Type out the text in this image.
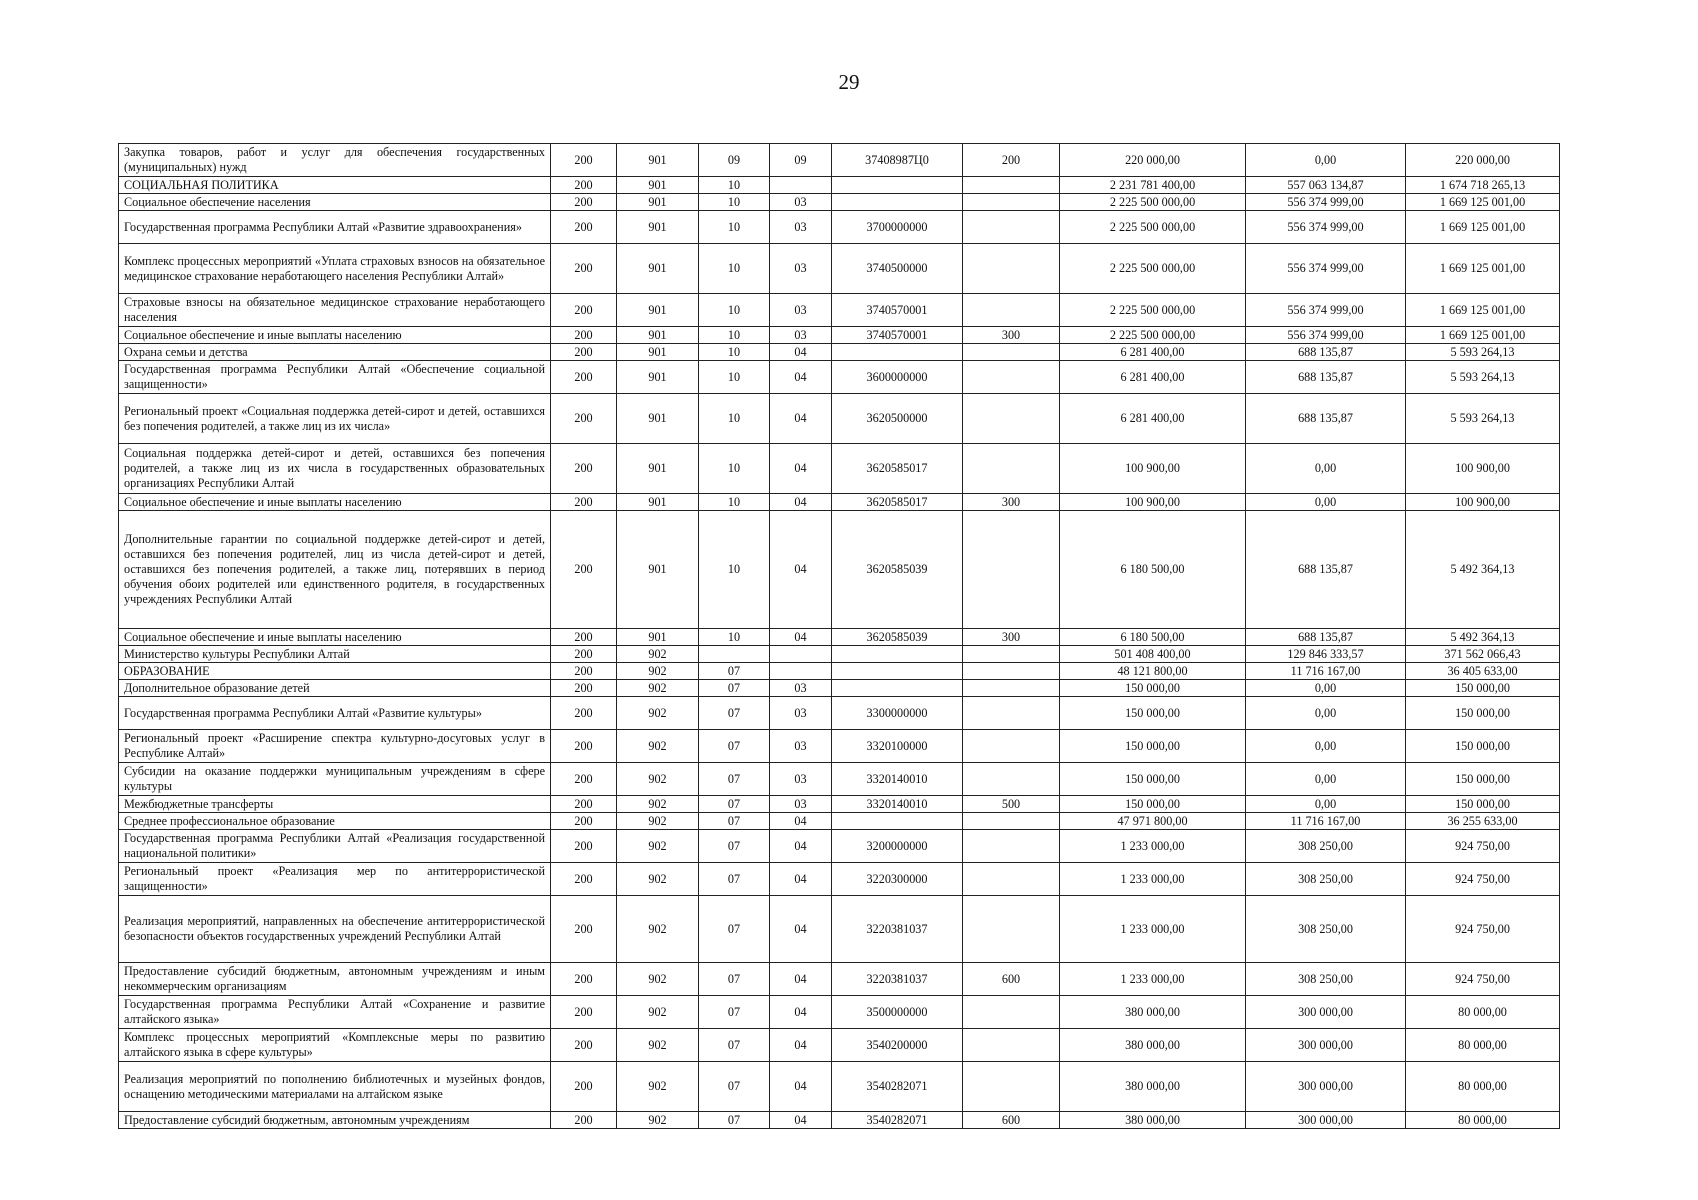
29
Закупка товаров, работ и услуг для обеспечения государственных (муниципальных) нужд	200	901	09	09	37408987Ц0	200	220 000,00	0,00	220 000,00
СОЦИАЛЬНАЯ ПОЛИТИКА	200	901	10				2 231 781 400,00	557 063 134,87	1 674 718 265,13
Социальное обеспечение населения	200	901	10	03			2 225 500 000,00	556 374 999,00	1 669 125 001,00
Государственная программа Республики Алтай «Развитие здравоохранения»	200	901	10	03	3700000000		2 225 500 000,00	556 374 999,00	1 669 125 001,00
Комплекс процессных мероприятий «Уплата страховых взносов на обязательное медицинское страхование неработающего населения Республики Алтай»	200	901	10	03	3740500000		2 225 500 000,00	556 374 999,00	1 669 125 001,00
Страховые взносы на обязательное медицинское страхование неработающего населения	200	901	10	03	3740570001		2 225 500 000,00	556 374 999,00	1 669 125 001,00
Социальное обеспечение и иные выплаты населению	200	901	10	03	3740570001	300	2 225 500 000,00	556 374 999,00	1 669 125 001,00
Охрана семьи и детства	200	901	10	04			6 281 400,00	688 135,87	5 593 264,13
Государственная программа Республики Алтай «Обеспечение социальной защищенности»	200	901	10	04	3600000000		6 281 400,00	688 135,87	5 593 264,13
Региональный проект «Социальная поддержка детей-сирот и детей, оставшихся без попечения родителей, а также лиц из их числа»	200	901	10	04	3620500000		6 281 400,00	688 135,87	5 593 264,13
Социальная поддержка детей-сирот и детей, оставшихся без попечения родителей, а также лиц из их числа в государственных образовательных организациях Республики Алтай	200	901	10	04	3620585017		100 900,00	0,00	100 900,00
Социальное обеспечение и иные выплаты населению	200	901	10	04	3620585017	300	100 900,00	0,00	100 900,00
Дополнительные гарантии по социальной поддержке детей-сирот и детей, оставшихся без попечения родителей, лиц из числа детей-сирот и детей, оставшихся без попечения родителей, а также лиц, потерявших в период обучения обоих родителей или единственного родителя, в государственных учреждениях Республики Алтай	200	901	10	04	3620585039		6 180 500,00	688 135,87	5 492 364,13
Социальное обеспечение и иные выплаты населению	200	901	10	04	3620585039	300	6 180 500,00	688 135,87	5 492 364,13
Министерство культуры Республики Алтай	200	902					501 408 400,00	129 846 333,57	371 562 066,43
ОБРАЗОВАНИЕ	200	902	07				48 121 800,00	11 716 167,00	36 405 633,00
Дополнительное образование детей	200	902	07	03			150 000,00	0,00	150 000,00
Государственная программа Республики Алтай «Развитие культуры»	200	902	07	03	3300000000		150 000,00	0,00	150 000,00
Региональный проект «Расширение спектра культурно-досуговых услуг в Республике Алтай»	200	902	07	03	3320100000		150 000,00	0,00	150 000,00
Субсидии на оказание поддержки муниципальным учреждениям в сфере культуры	200	902	07	03	3320140010		150 000,00	0,00	150 000,00
Межбюджетные трансферты	200	902	07	03	3320140010	500	150 000,00	0,00	150 000,00
Среднее профессиональное образование	200	902	07	04			47 971 800,00	11 716 167,00	36 255 633,00
Государственная программа Республики Алтай «Реализация государственной национальной политики»	200	902	07	04	3200000000		1 233 000,00	308 250,00	924 750,00
Региональный проект «Реализация мер по антитеррористической защищенности»	200	902	07	04	3220300000		1 233 000,00	308 250,00	924 750,00
Реализация мероприятий, направленных на обеспечение антитеррористической безопасности объектов государственных учреждений Республики Алтай	200	902	07	04	3220381037		1 233 000,00	308 250,00	924 750,00
Предоставление субсидий бюджетным, автономным учреждениям и иным некоммерческим организациям	200	902	07	04	3220381037	600	1 233 000,00	308 250,00	924 750,00
Государственная программа Республики Алтай «Сохранение и развитие алтайского языка»	200	902	07	04	3500000000		380 000,00	300 000,00	80 000,00
Комплекс процессных мероприятий «Комплексные меры по развитию алтайского языка в сфере культуры»	200	902	07	04	3540200000		380 000,00	300 000,00	80 000,00
Реализация мероприятий по пополнению библиотечных и музейных фондов, оснащению методическими материалами на алтайском языке	200	902	07	04	3540282071		380 000,00	300 000,00	80 000,00
Предоставление субсидий бюджетным, автономным учреждениям	200	902	07	04	3540282071	600	380 000,00	300 000,00	80 000,00
